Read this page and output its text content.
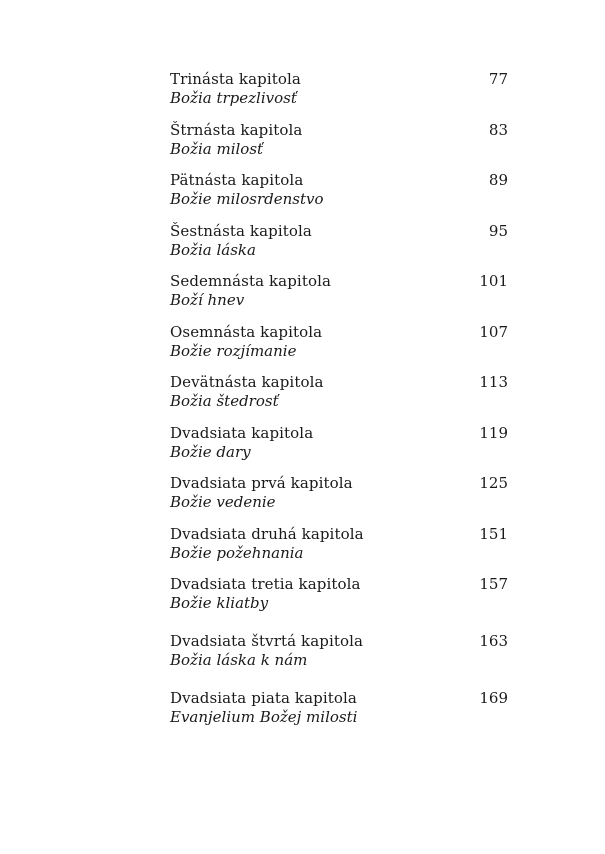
Trinásta kapitola
Božia trpezlivosť
77
Štrnásta kapitola
Božia milosť
83
Pätnásta kapitola
Božie milosrdenstvo
89
Šestnásta kapitola
Božia láska
95
Sedemnásta kapitola
Boží hnev
101
Osemnásta kapitola
Božie rozjímanie
107
Devätnásta kapitola
Božia štedrosť
113
Dvadsiata kapitola
Božie dary
119
Dvadsiata prvá kapitola
Božie vedenie
125
Dvadsiata druhá kapitola
Božie požehnania
151
Dvadsiata tretia kapitola
Božie kliatby
157
Dvadsiata štvrtá kapitola
Božia láska k nám
163
Dvadsiata piata kapitola
Evanjelium Božej milosti
169
